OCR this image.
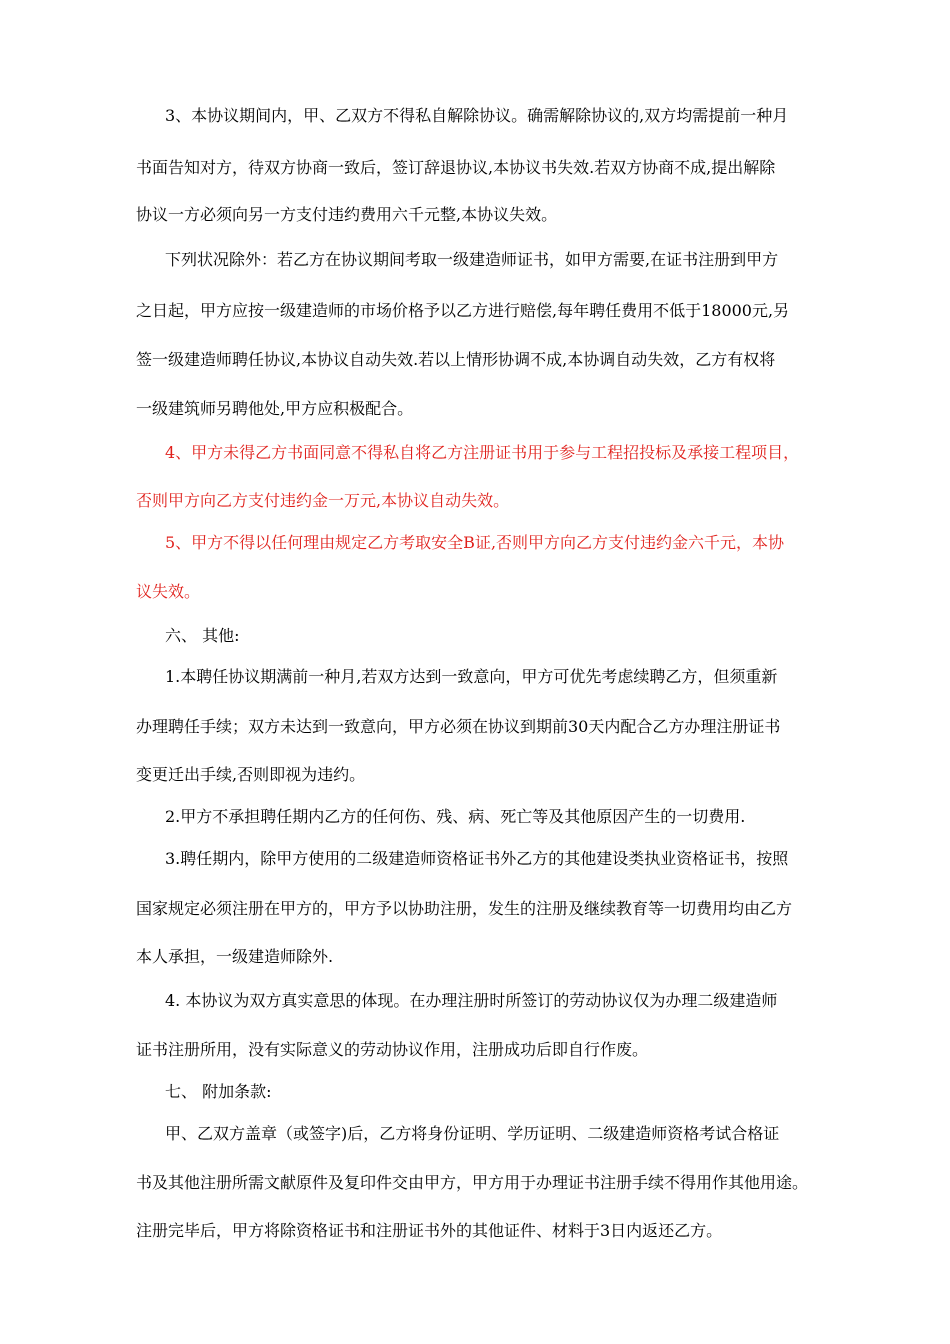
3、本协议期间内，甲、乙双方不得私自解除协议。确需解除协议的,双方均需提前一种月
书面告知对方，待双方协商一致后，签订辞退协议,本协议书失效.若双方协商不成,提出解除
协议一方必须向另一方支付违约费用六千元整,本协议失效。
下列状况除外：若乙方在协议期间考取一级建造师证书，如甲方需要,在证书注册到甲方
之日起，甲方应按一级建造师的市场价格予以乙方进行赔偿,每年聘任费用不低于18000元,另
签一级建造师聘任协议,本协议自动失效.若以上情形协调不成,本协调自动失效，乙方有权将
一级建筑师另聘他处,甲方应积极配合。
4、甲方未得乙方书面同意不得私自将乙方注册证书用于参与工程招投标及承接工程项目，
否则甲方向乙方支付违约金一万元,本协议自动失效。
5、甲方不得以任何理由规定乙方考取安全B证,否则甲方向乙方支付违约金六千元，本协
议失效。
六、 其他:
1.本聘任协议期满前一种月,若双方达到一致意向，甲方可优先考虑续聘乙方，但须重新
办理聘任手续；双方未达到一致意向，甲方必须在协议到期前30天内配合乙方办理注册证书
变更迁出手续,否则即视为违约。
2.甲方不承担聘任期内乙方的任何伤、残、病、死亡等及其他原因产生的一切费用.
3.聘任期内，除甲方使用的二级建造师资格证书外乙方的其他建设类执业资格证书，按照
国家规定必须注册在甲方的，甲方予以协助注册，发生的注册及继续教育等一切费用均由乙方
本人承担，一级建造师除外.
4. 本协议为双方真实意思的体现。在办理注册时所签订的劳动协议仅为办理二级建造师
证书注册所用，没有实际意义的劳动协议作用，注册成功后即自行作废。
七、 附加条款:
甲、乙双方盖章（或签字)后，乙方将身份证明、学历证明、二级建造师资格考试合格证
书及其他注册所需文献原件及复印件交由甲方，甲方用于办理证书注册手续不得用作其他用途。
注册完毕后，甲方将除资格证书和注册证书外的其他证件、材料于3日内返还乙方。
